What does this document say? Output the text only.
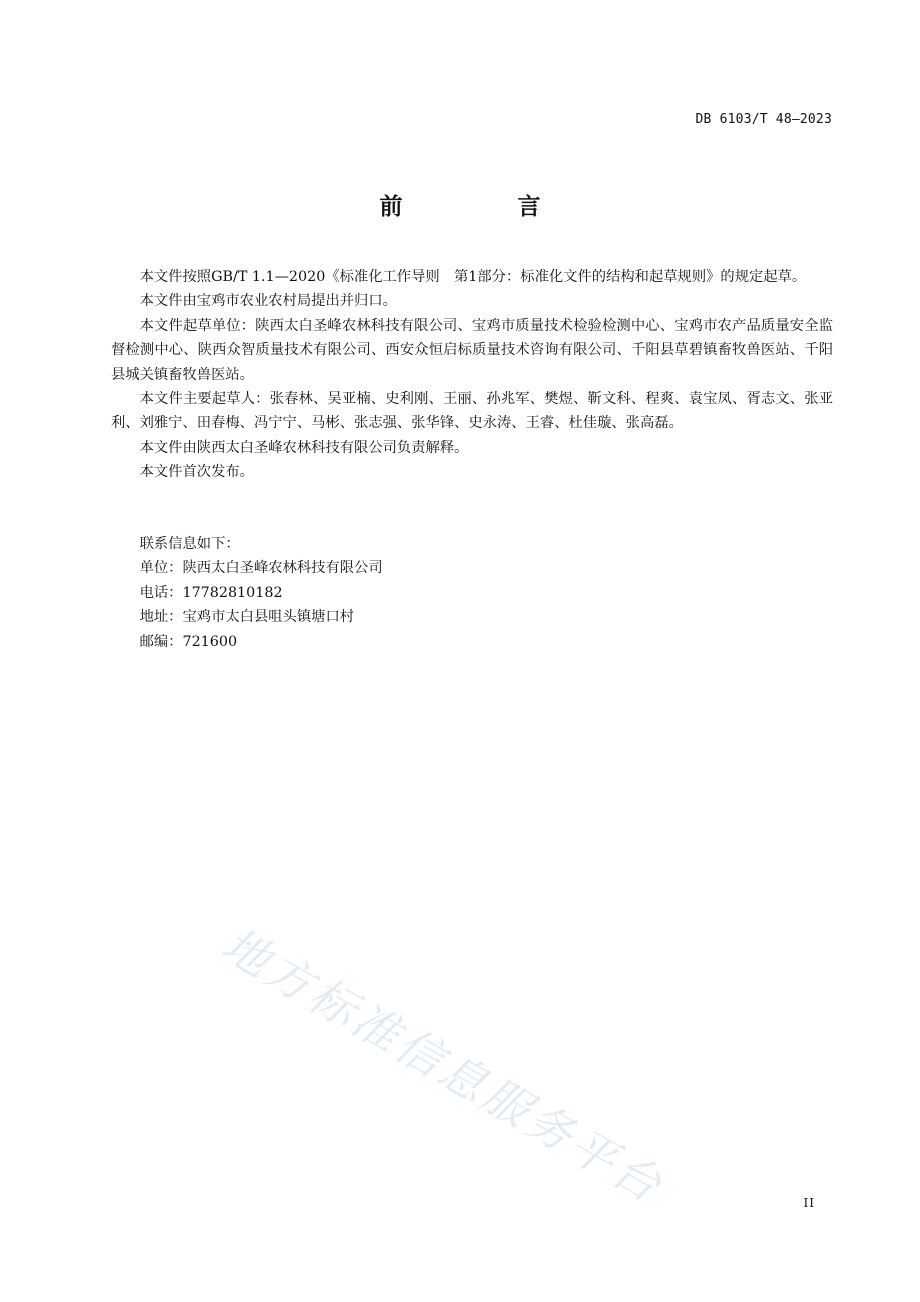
DB 6103/T 48—2023
前　言

本文件按照GB/T 1.1—2020《标准化工作导则　第1部分：标准化文件的结构和起草规则》的规定起草。

本文件由宝鸡市农业农村局提出并归口。

本文件起草单位：陕西太白圣峰农林科技有限公司、宝鸡市质量技术检验检测中心、宝鸡市农产品质量安全监督检测中心、陕西众智质量技术有限公司、西安众恒启标质量技术咨询有限公司、千阳县草碧镇畜牧兽医站、千阳县城关镇畜牧兽医站。

本文件主要起草人：张春林、吴亚楠、史利刚、王丽、孙兆军、樊煜、靳文科、程爽、袁宝凤、胥志文、张亚利、刘雅宁、田春梅、冯宁宁、马彬、张志强、张华锋、史永涛、王睿、杜佳璇、张高磊。

本文件由陕西太白圣峰农林科技有限公司负责解释。

本文件首次发布。

联系信息如下：

单位：陕西太白圣峰农林科技有限公司

电话：17782810182

地址：宝鸡市太白县咀头镇塘口村

邮编：721600

地方标准信息服务平台	II
